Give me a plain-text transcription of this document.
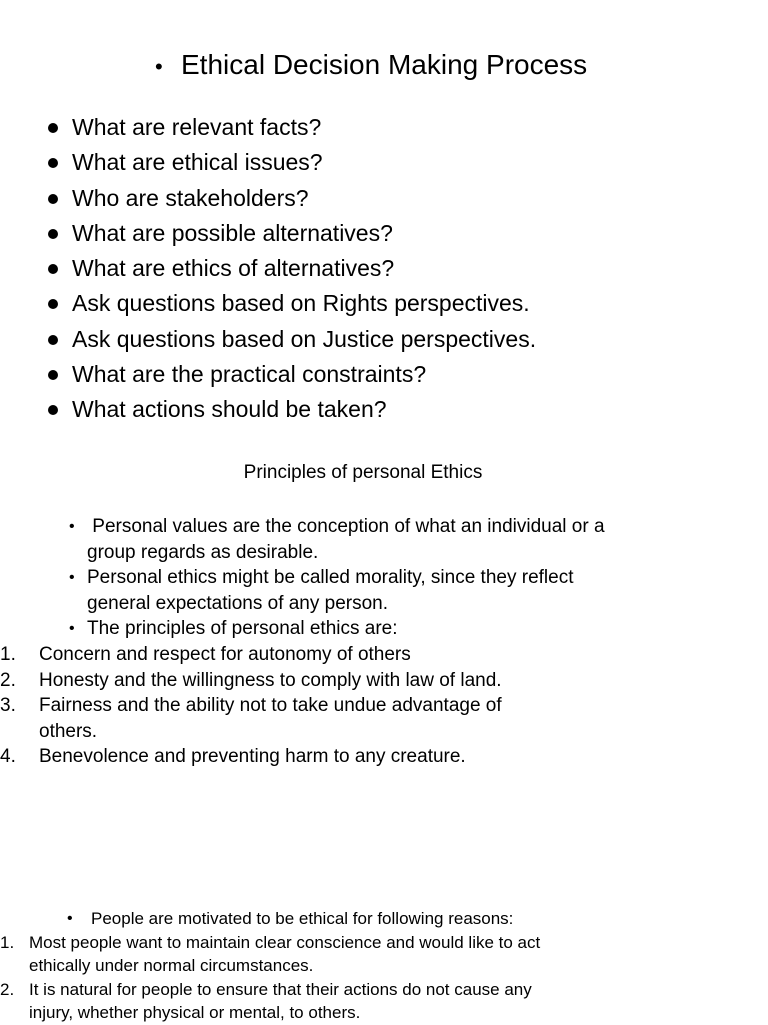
• Ethical Decision Making Process
What are relevant facts?
What are ethical issues?
Who are stakeholders?
What are possible alternatives?
What are ethics of alternatives?
Ask questions based on Rights perspectives.
Ask questions based on Justice perspectives.
What are the practical constraints?
What actions should be taken?
Principles of personal Ethics
• Personal values are the conception of what an individual or a
group regards as desirable.
• Personal ethics might be called morality, since they reflect
general expectations of any person.
• The principles of personal ethics are:
1.	Concern and respect for autonomy of others
2.	Honesty and the willingness to comply with law of land.
3.	Fairness and the ability not to take undue advantage of
others.
4.	Benevolence and preventing harm to any creature.
•	People are motivated to be ethical for following reasons:
1. Most people want to maintain clear conscience and would like to act
ethically under normal circumstances.
2. It is natural for people to ensure that their actions do not cause any
injury, whether physical or mental, to others.
